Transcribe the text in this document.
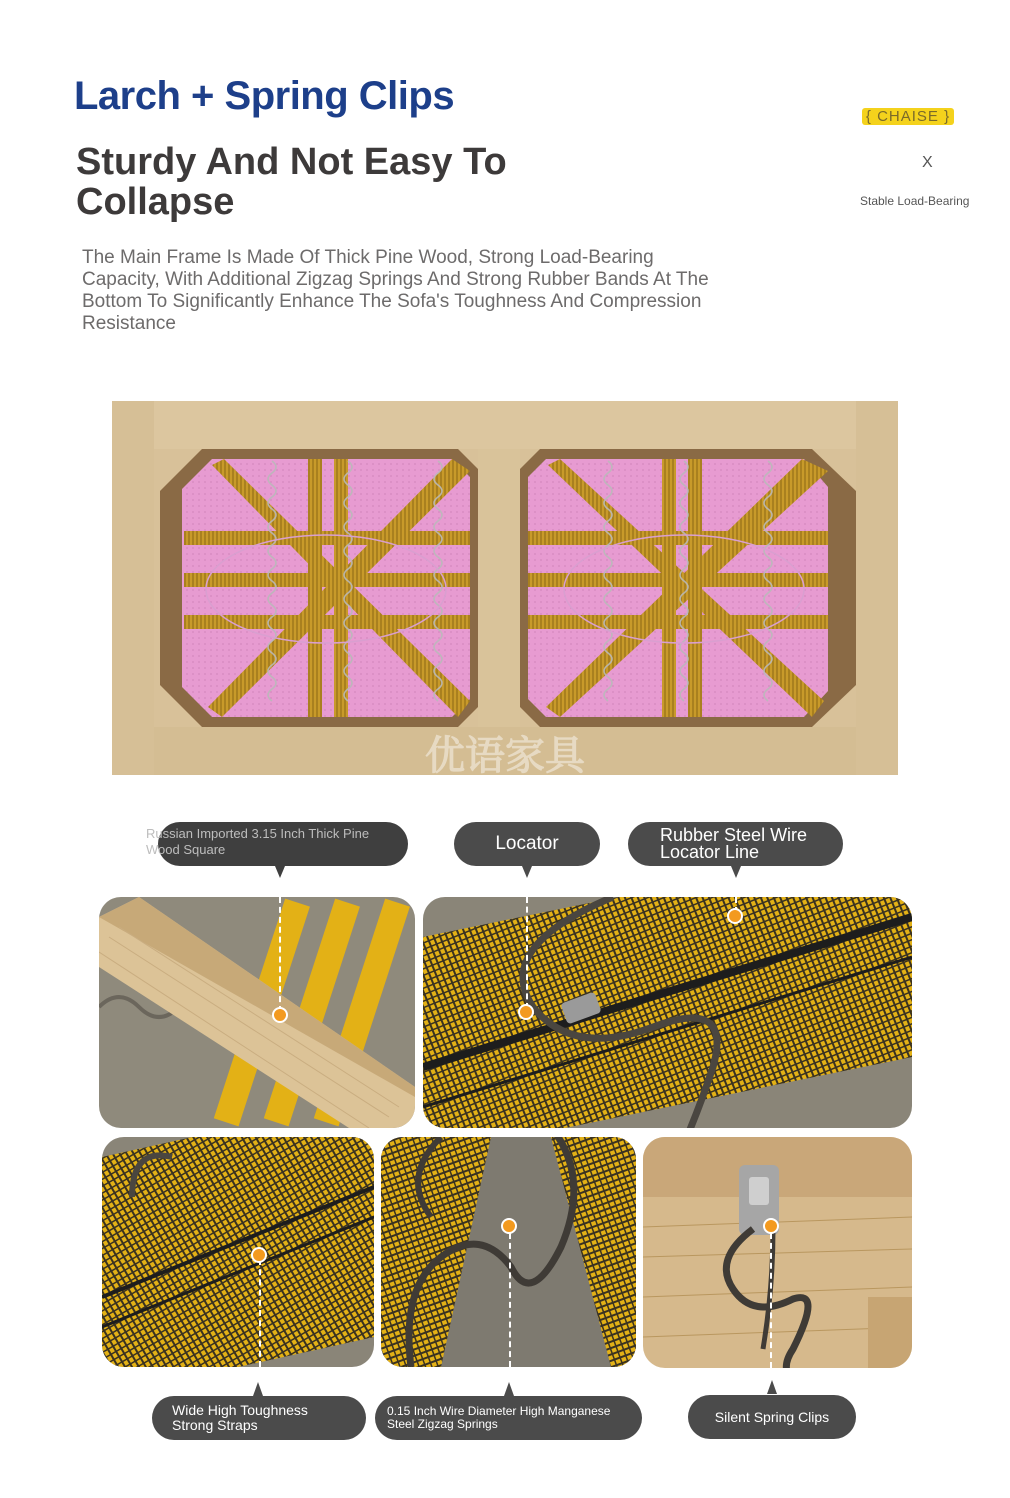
Larch + Spring Clips
Sturdy And Not Easy To Collapse
The Main Frame Is Made Of Thick Pine Wood, Strong Load-Bearing Capacity, With Additional Zigzag Springs And Strong Rubber Bands At The Bottom To Significantly Enhance The Sofa's Toughness And Compression Resistance
{ CHAISE }
X
Stable Load-Bearing
优语家具
Russian Imported 3.15 Inch Thick Pine Wood Square	Locator	Rubber Steel Wire Locator Line
Wide High Toughness Strong Straps
0.15 Inch Wire Diameter High Manganese Steel Zigzag Springs	Silent Spring Clips
